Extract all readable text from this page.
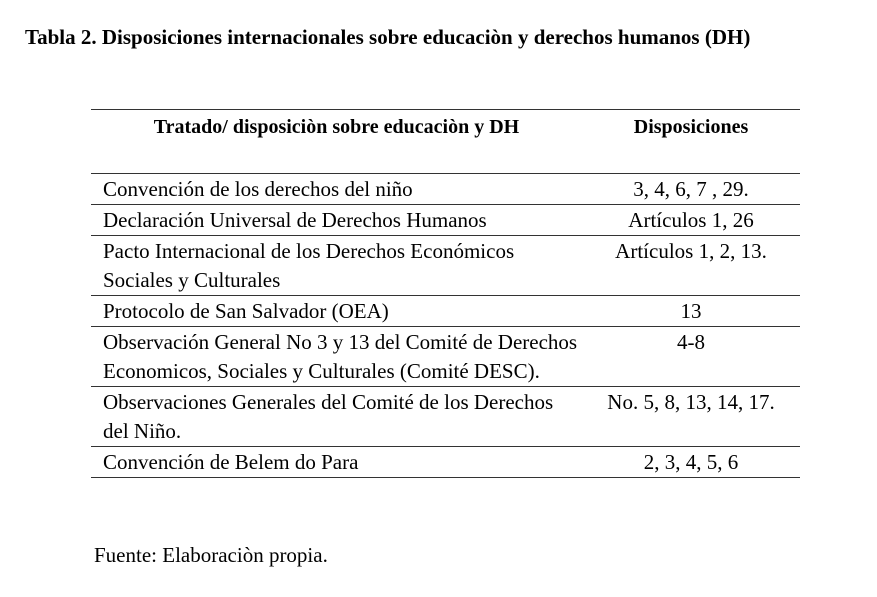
Tabla 2. Disposiciones internacionales sobre educaciòn y derechos humanos (DH)
Tratado/ disposiciòn sobre educaciòn y DH	Disposiciones
Convención de los derechos del niño	3, 4, 6, 7 , 29.
Declaración Universal de Derechos Humanos	Artículos 1, 26
Pacto Internacional de los Derechos Económicos Sociales y Culturales	Artículos 1, 2, 13.
Protocolo de San Salvador (OEA)	13
Observación General No 3 y 13 del Comité de Derechos Economicos, Sociales y Culturales (Comité DESC).	4-8
Observaciones Generales del Comité de los Derechos del Niño.	No. 5, 8, 13, 14, 17.
Convención de Belem do Para	2, 3, 4, 5, 6
Fuente: Elaboraciòn propia.
